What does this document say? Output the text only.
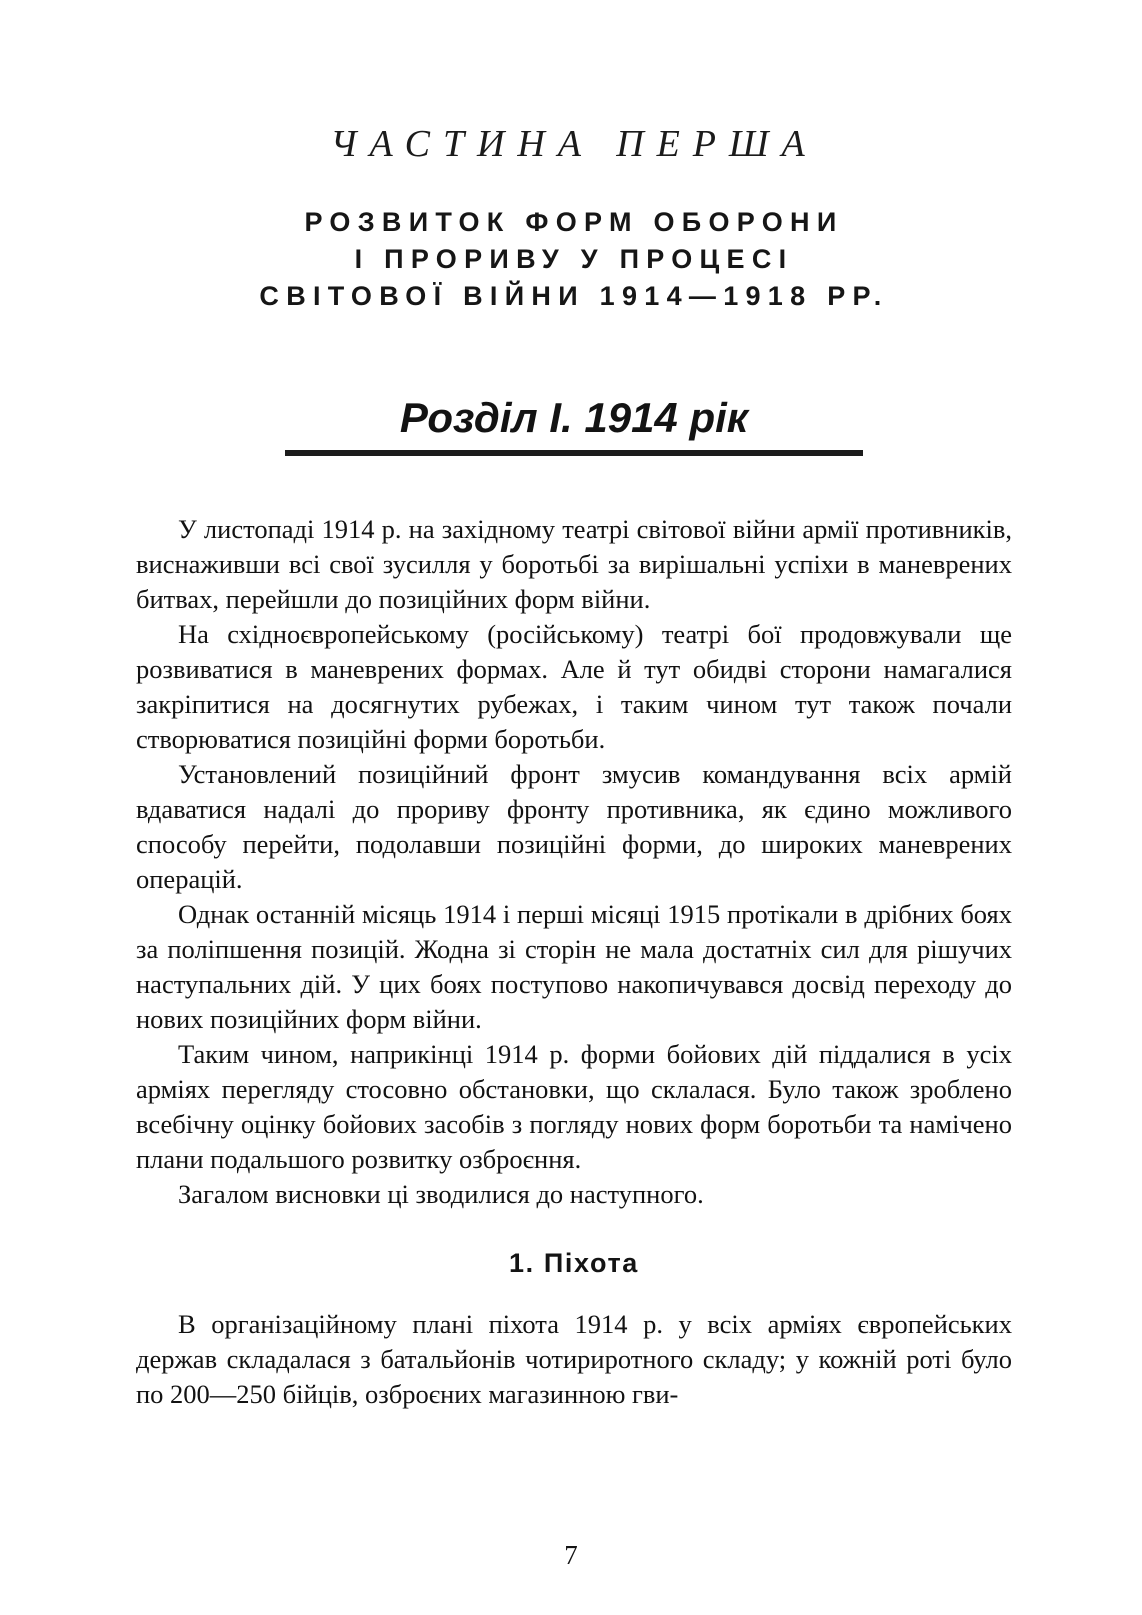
ЧАСТИНА ПЕРША
РОЗВИТОК ФОРМ ОБОРОНИ
І ПРОРИВУ У ПРОЦЕСІ
СВІТОВОЇ ВІЙНИ 1914—1918 РР.
Розділ І. 1914 рік

У листопаді 1914 р. на західному театрі світової війни армії противників, виснаживши всі свої зусилля у боротьбі за вирішальні успіхи в маневрених битвах, перейшли до позиційних форм війни.

На східноєвропейському (російському) театрі бої продовжували ще розвиватися в маневрених формах. Але й тут обидві сторони намагалися закріпитися на досягнутих рубежах, і таким чином тут також почали створюватися позиційні форми боротьби.

Установлений позиційний фронт змусив командування всіх армій вдаватися надалі до прориву фронту противника, як єдино можливого способу перейти, подолавши позиційні форми, до широких маневрених операцій.

Однак останній місяць 1914 і перші місяці 1915 протікали в дрібних боях за поліпшення позицій. Жодна зі сторін не мала достатніх сил для рішучих наступальних дій. У цих боях поступово накопичувався досвід переходу до нових позиційних форм війни.

Таким чином, наприкінці 1914 р. форми бойових дій піддалися в усіх арміях перегляду стосовно обстановки, що склалася. Було також зроблено всебічну оцінку бойових засобів з погляду нових форм боротьби та намічено плани подальшого розвитку озброєння.

Загалом висновки ці зводилися до наступного.

1. Піхота

В організаційному плані піхота 1914 р. у всіх арміях європейських держав складалася з батальйонів чотириротного складу; у кожній роті було по 200—250 бійців, озброєних магазинною гви-

7
